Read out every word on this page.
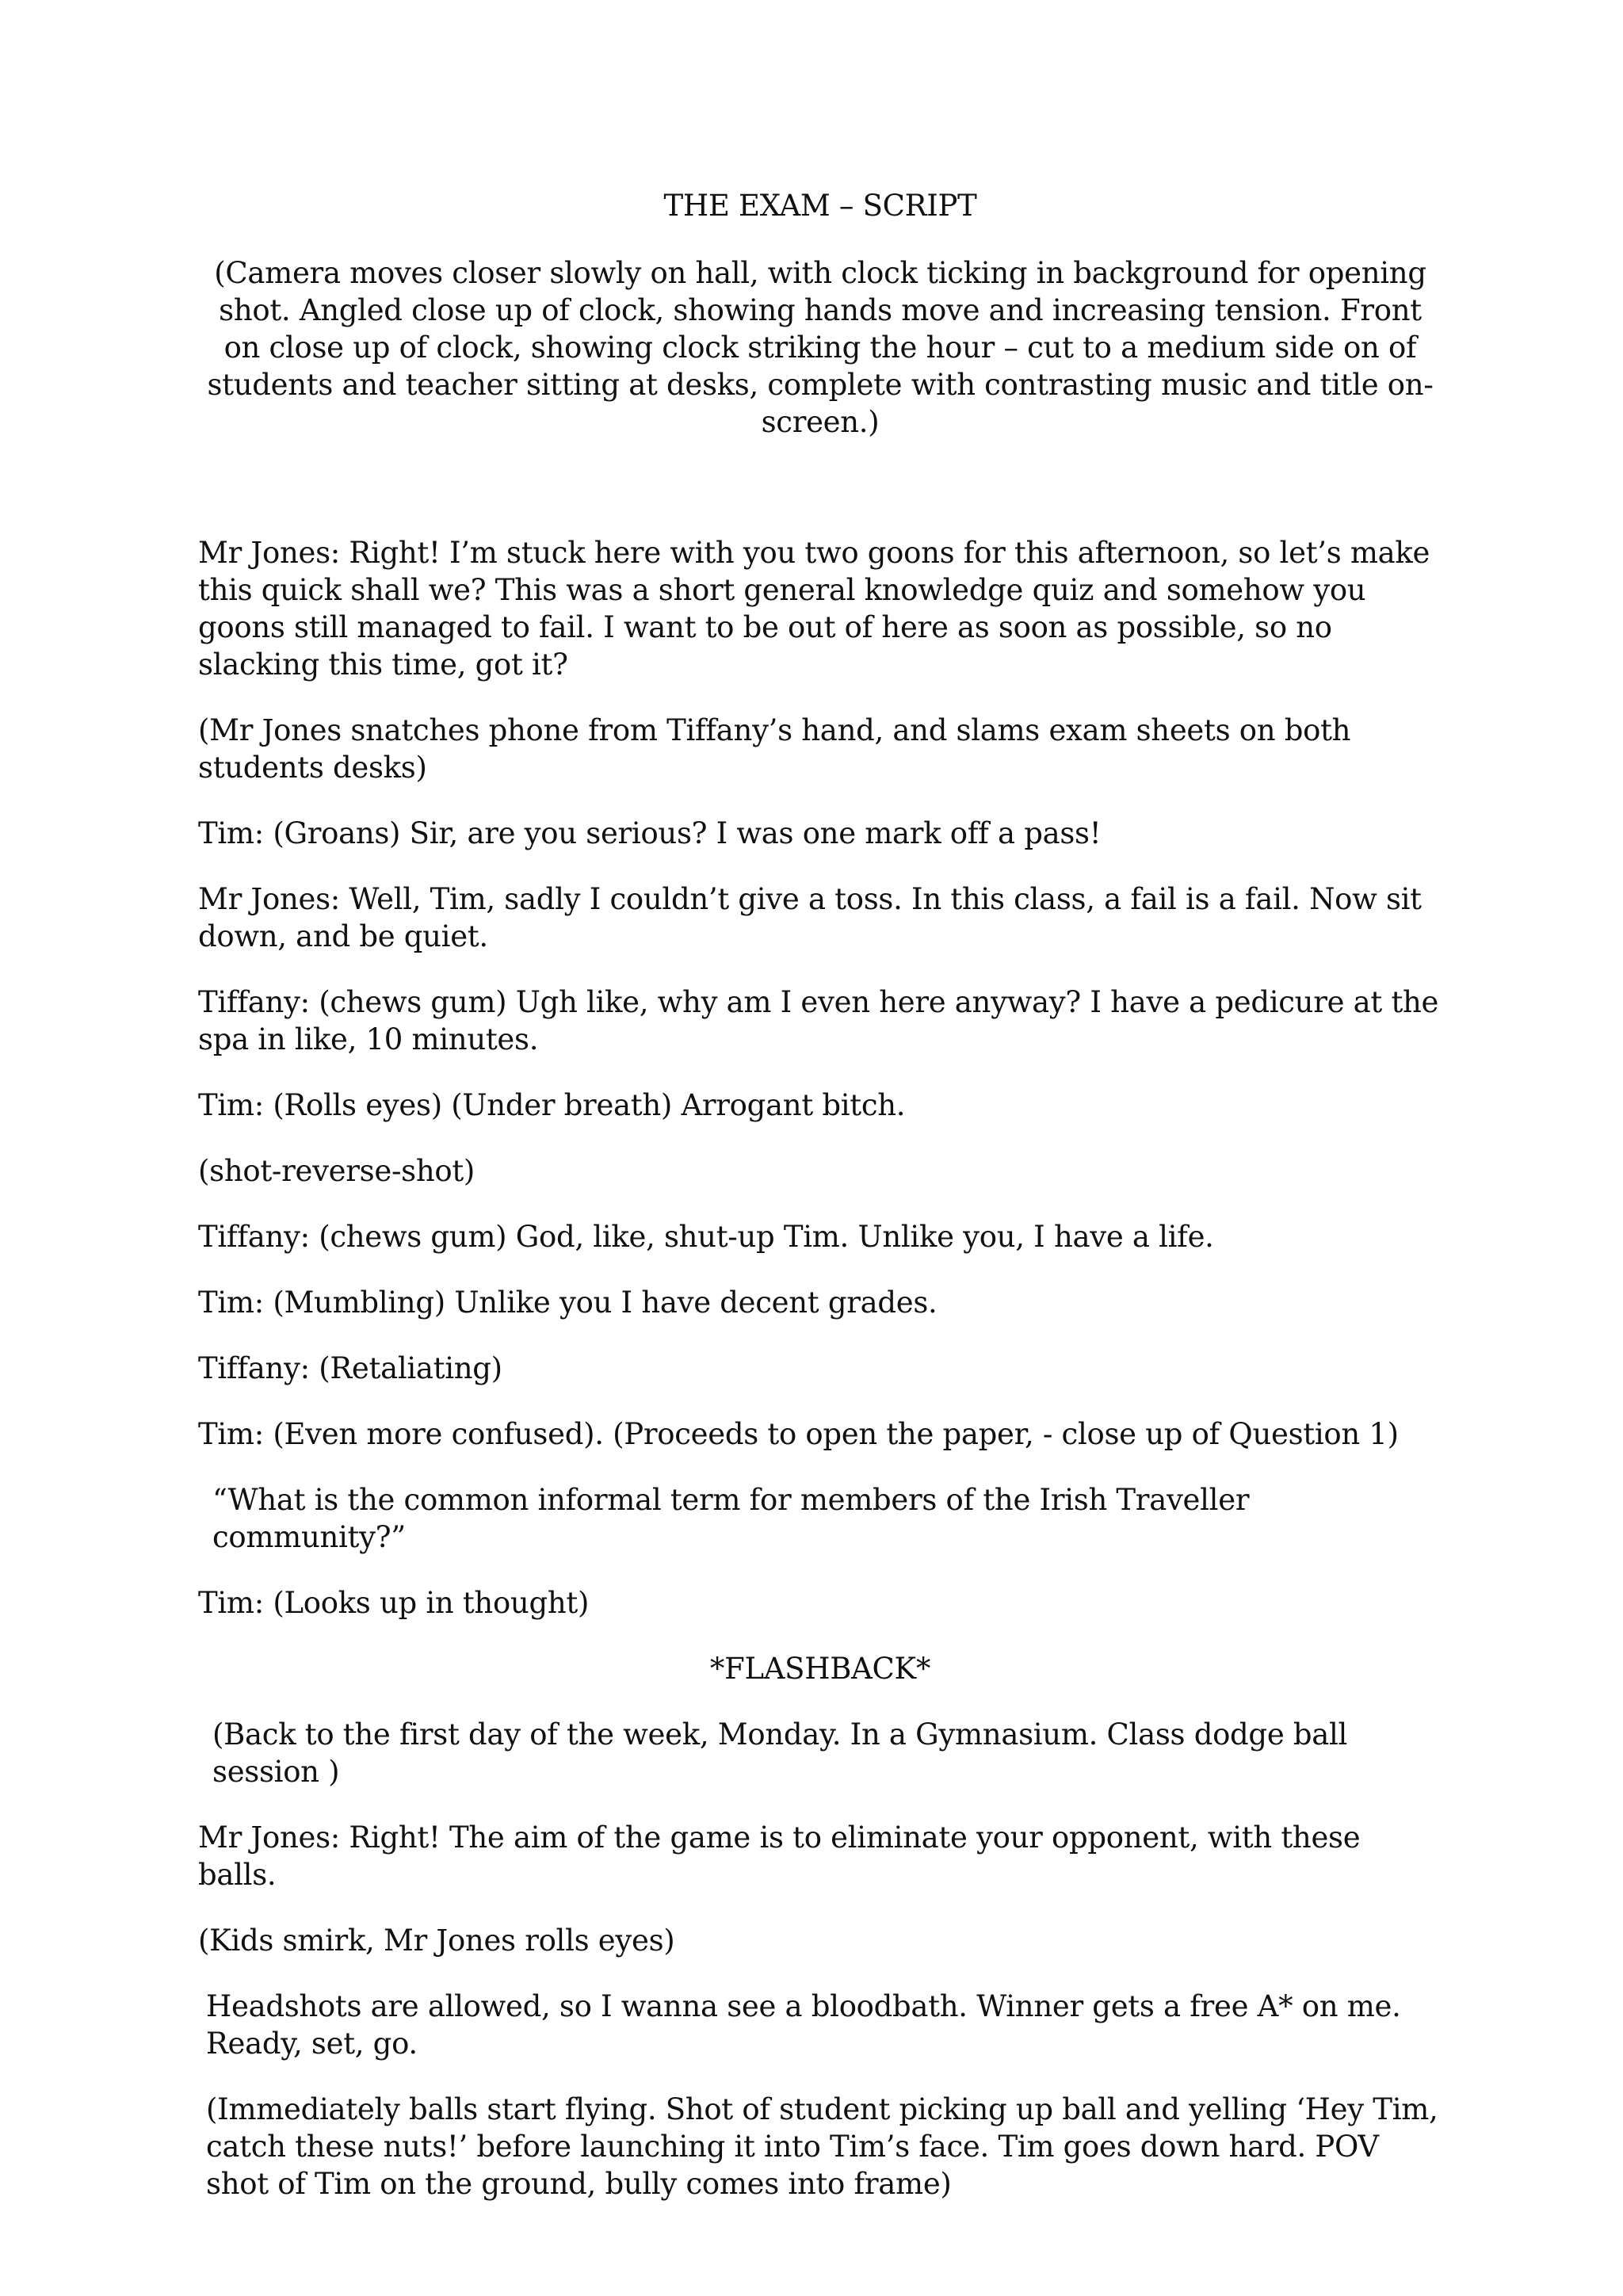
THE EXAM – SCRIPT

(Camera moves closer slowly on hall, with clock ticking in background for opening shot. Angled close up of clock, showing hands move and increasing tension. Front on close up of clock, showing clock striking the hour – cut to a medium side on of students and teacher sitting at desks, complete with contrasting music and title on-screen.)

Mr Jones: Right! I’m stuck here with you two goons for this afternoon, so let’s make this quick shall we? This was a short general knowledge quiz and somehow you goons still managed to fail. I want to be out of here as soon as possible, so no slacking this time, got it?

(Mr Jones snatches phone from Tiffany’s hand, and slams exam sheets on both students desks)

Tim: (Groans) Sir, are you serious? I was one mark off a pass!

Mr Jones: Well, Tim, sadly I couldn’t give a toss. In this class, a fail is a fail. Now sit down, and be quiet.

Tiffany: (chews gum) Ugh like, why am I even here anyway? I have a pedicure at the spa in like, 10 minutes.

Tim: (Rolls eyes) (Under breath) Arrogant bitch.

(shot-reverse-shot)

Tiffany: (chews gum) God, like, shut-up Tim. Unlike you, I have a life.

Tim: (Mumbling) Unlike you I have decent grades.

Tiffany: (Retaliating)

Tim: (Even more confused). (Proceeds to open the paper, - close up of Question 1)

“What is the common informal term for members of the Irish Traveller community?”

Tim: (Looks up in thought)

*FLASHBACK*

(Back to the first day of the week, Monday. In a Gymnasium. Class dodge ball session )

Mr Jones: Right! The aim of the game is to eliminate your opponent, with these balls.

(Kids smirk, Mr Jones rolls eyes)

Headshots are allowed, so I wanna see a bloodbath. Winner gets a free A* on me. Ready, set, go.

(Immediately balls start flying. Shot of student picking up ball and yelling ‘Hey Tim, catch these nuts!’ before launching it into Tim’s face. Tim goes down hard. POV shot of Tim on the ground, bully comes into frame)
